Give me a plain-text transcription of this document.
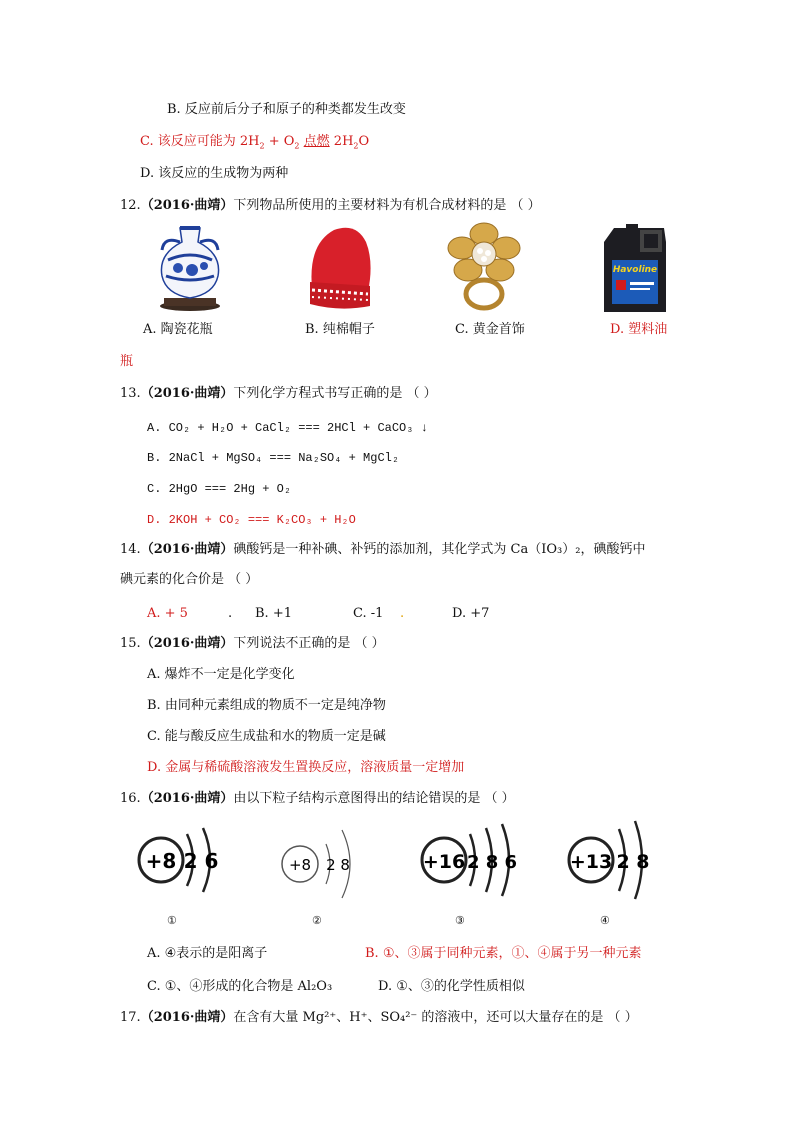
B. 反应前后分子和原子的种类都发生改变
C. 该反应可能为 $2H_2 + O_2$ 点燃 $2H_2O$
D. 该反应的生成物为两种
12.（2016·曲靖）下列物品所使用的主要材料为有机合成材料的是 （ ）
Havoline
A. 陶瓷花瓶	B. 纯棉帽子	C. 黄金首饰	D. 塑料油
瓶
13.（2016·曲靖）下列化学方程式书写正确的是 （ ）
A. CO₂ + H₂O + CaCl₂ === 2HCl + CaCO₃ ↓
B. 2NaCl + MgSO₄ === Na₂SO₄ + MgCl₂
C. 2HgO === 2Hg + O₂
D. 2KOH + CO₂ === K₂CO₃ + H₂O
14.（2016·曲靖）碘酸钙是一种补碘、补钙的添加剂，其化学式为 Ca（IO₃）₂，碘酸钙中
碘元素的化合价是 （ ）
A. + 5	. B. +1	C. -1 .	D. +7
15.（2016·曲靖）下列说法不正确的是 （ ）
A. 爆炸不一定是化学变化
B. 由同种元素组成的物质不一定是纯净物
C. 能与酸反应生成盐和水的物质一定是碱
D. 金属与稀硫酸溶液发生置换反应，溶液质量一定增加
16.（2016·曲靖）由以下粒子结构示意图得出的结论错误的是 （ ）
+8 2 6
①
+8 2 8
②
+16 2 8 6
③
+13 2 8
④
A. ④表示的是阳离子	B. ①、③属于同种元素，①、④属于另一种元素
C. ①、④形成的化合物是 Al₂O₃	D. ①、③的化学性质相似
17.（2016·曲靖）在含有大量 Mg²⁺、H⁺、SO₄²⁻ 的溶液中，还可以大量存在的是 （ ）
